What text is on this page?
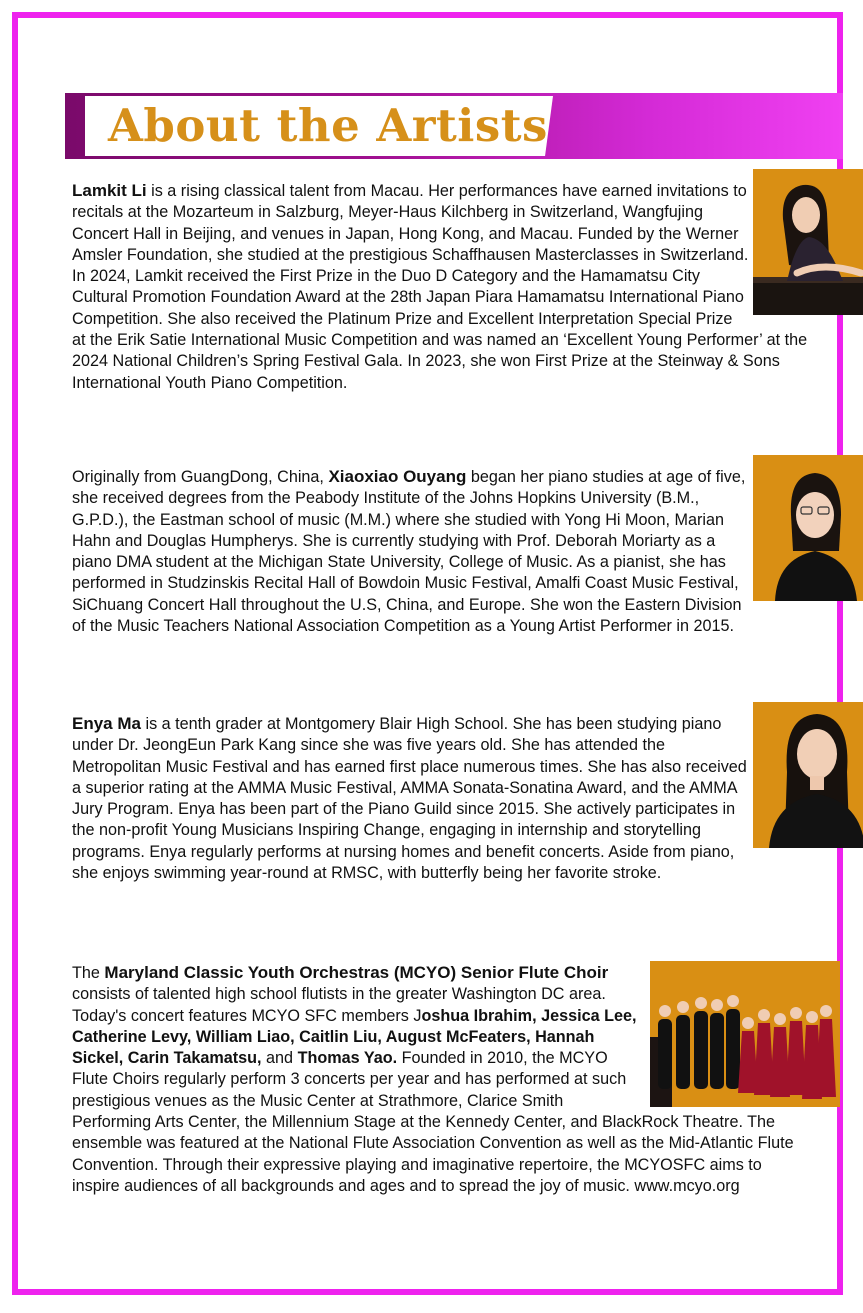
About the Artists

Lamkit Li is a rising classical talent from Macau. Her performances have earned invitations to recitals at the Mozarteum in Salzburg, Meyer-Haus Kilchberg in Switzerland, Wangfujing Concert Hall in Beijing, and venues in Japan, Hong Kong, and Macau. Funded by the Werner Amsler Foundation, she studied at the prestigious Schaffhausen Masterclasses in Switzerland. In 2024, Lamkit received the First Prize in the Duo D Category and the Hamamatsu City Cultural Promotion Foundation Award at the 28th Japan Piara Hamamatsu International Piano Competition. She also received the Platinum Prize and Excellent Interpretation Special Prize at the Erik Satie International Music Competition and was named an ‘Excellent Young Performer’ at the 2024 National Children’s Spring Festival Gala. In 2023, she won First Prize at the Steinway & Sons International Youth Piano Competition.

Originally from GuangDong, China, Xiaoxiao Ouyang began her piano studies at age of five, she received degrees from the Peabody Institute of the Johns Hopkins University (B.M., G.P.D.), the Eastman school of music (M.M.) where she studied with Yong Hi Moon, Marian Hahn and Douglas Humpherys. She is currently studying with Prof. Deborah Moriarty as a piano DMA student at the Michigan State University, College of Music. As a pianist, she has performed in Studzinskis Recital Hall of Bowdoin Music Festival, Amalfi Coast Music Festival, SiChuang Concert Hall throughout the U.S, China, and Europe. She won the Eastern Division of the Music Teachers National Association Competition as a Young Artist Performer in 2015.

Enya Ma is a tenth grader at Montgomery Blair High School. She has been studying piano under Dr. JeongEun Park Kang since she was five years old. She has attended the Metropolitan Music Festival and has earned first place numerous times. She has also received a superior rating at the AMMA Music Festival, AMMA Sonata-Sonatina Award, and the AMMA Jury Program. Enya has been part of the Piano Guild since 2015. She actively participates in the non-profit Young Musicians Inspiring Change, engaging in internship and storytelling programs. Enya regularly performs at nursing homes and benefit concerts. Aside from piano, she enjoys swimming year-round at RMSC, with butterfly being her favorite stroke.

The Maryland Classic Youth Orchestras (MCYO) Senior Flute Choir consists of talented high school flutists in the greater Washington DC area. Today's concert features MCYO SFC members Joshua Ibrahim, Jessica Lee, Catherine Levy, William Liao, Caitlin Liu, August McFeaters, Hannah Sickel, Carin Takamatsu, and Thomas Yao. Founded in 2010, the MCYO Flute Choirs regularly perform 3 concerts per year and has performed at such prestigious venues as the Music Center at Strathmore, Clarice Smith Performing Arts Center, the Millennium Stage at the Kennedy Center, and BlackRock Theatre. The ensemble was featured at the National Flute Association Convention as well as the Mid-Atlantic Flute Convention. Through their expressive playing and imaginative repertoire, the MCYOSFC aims to inspire audiences of all backgrounds and ages and to spread the joy of music. www.mcyo.org
